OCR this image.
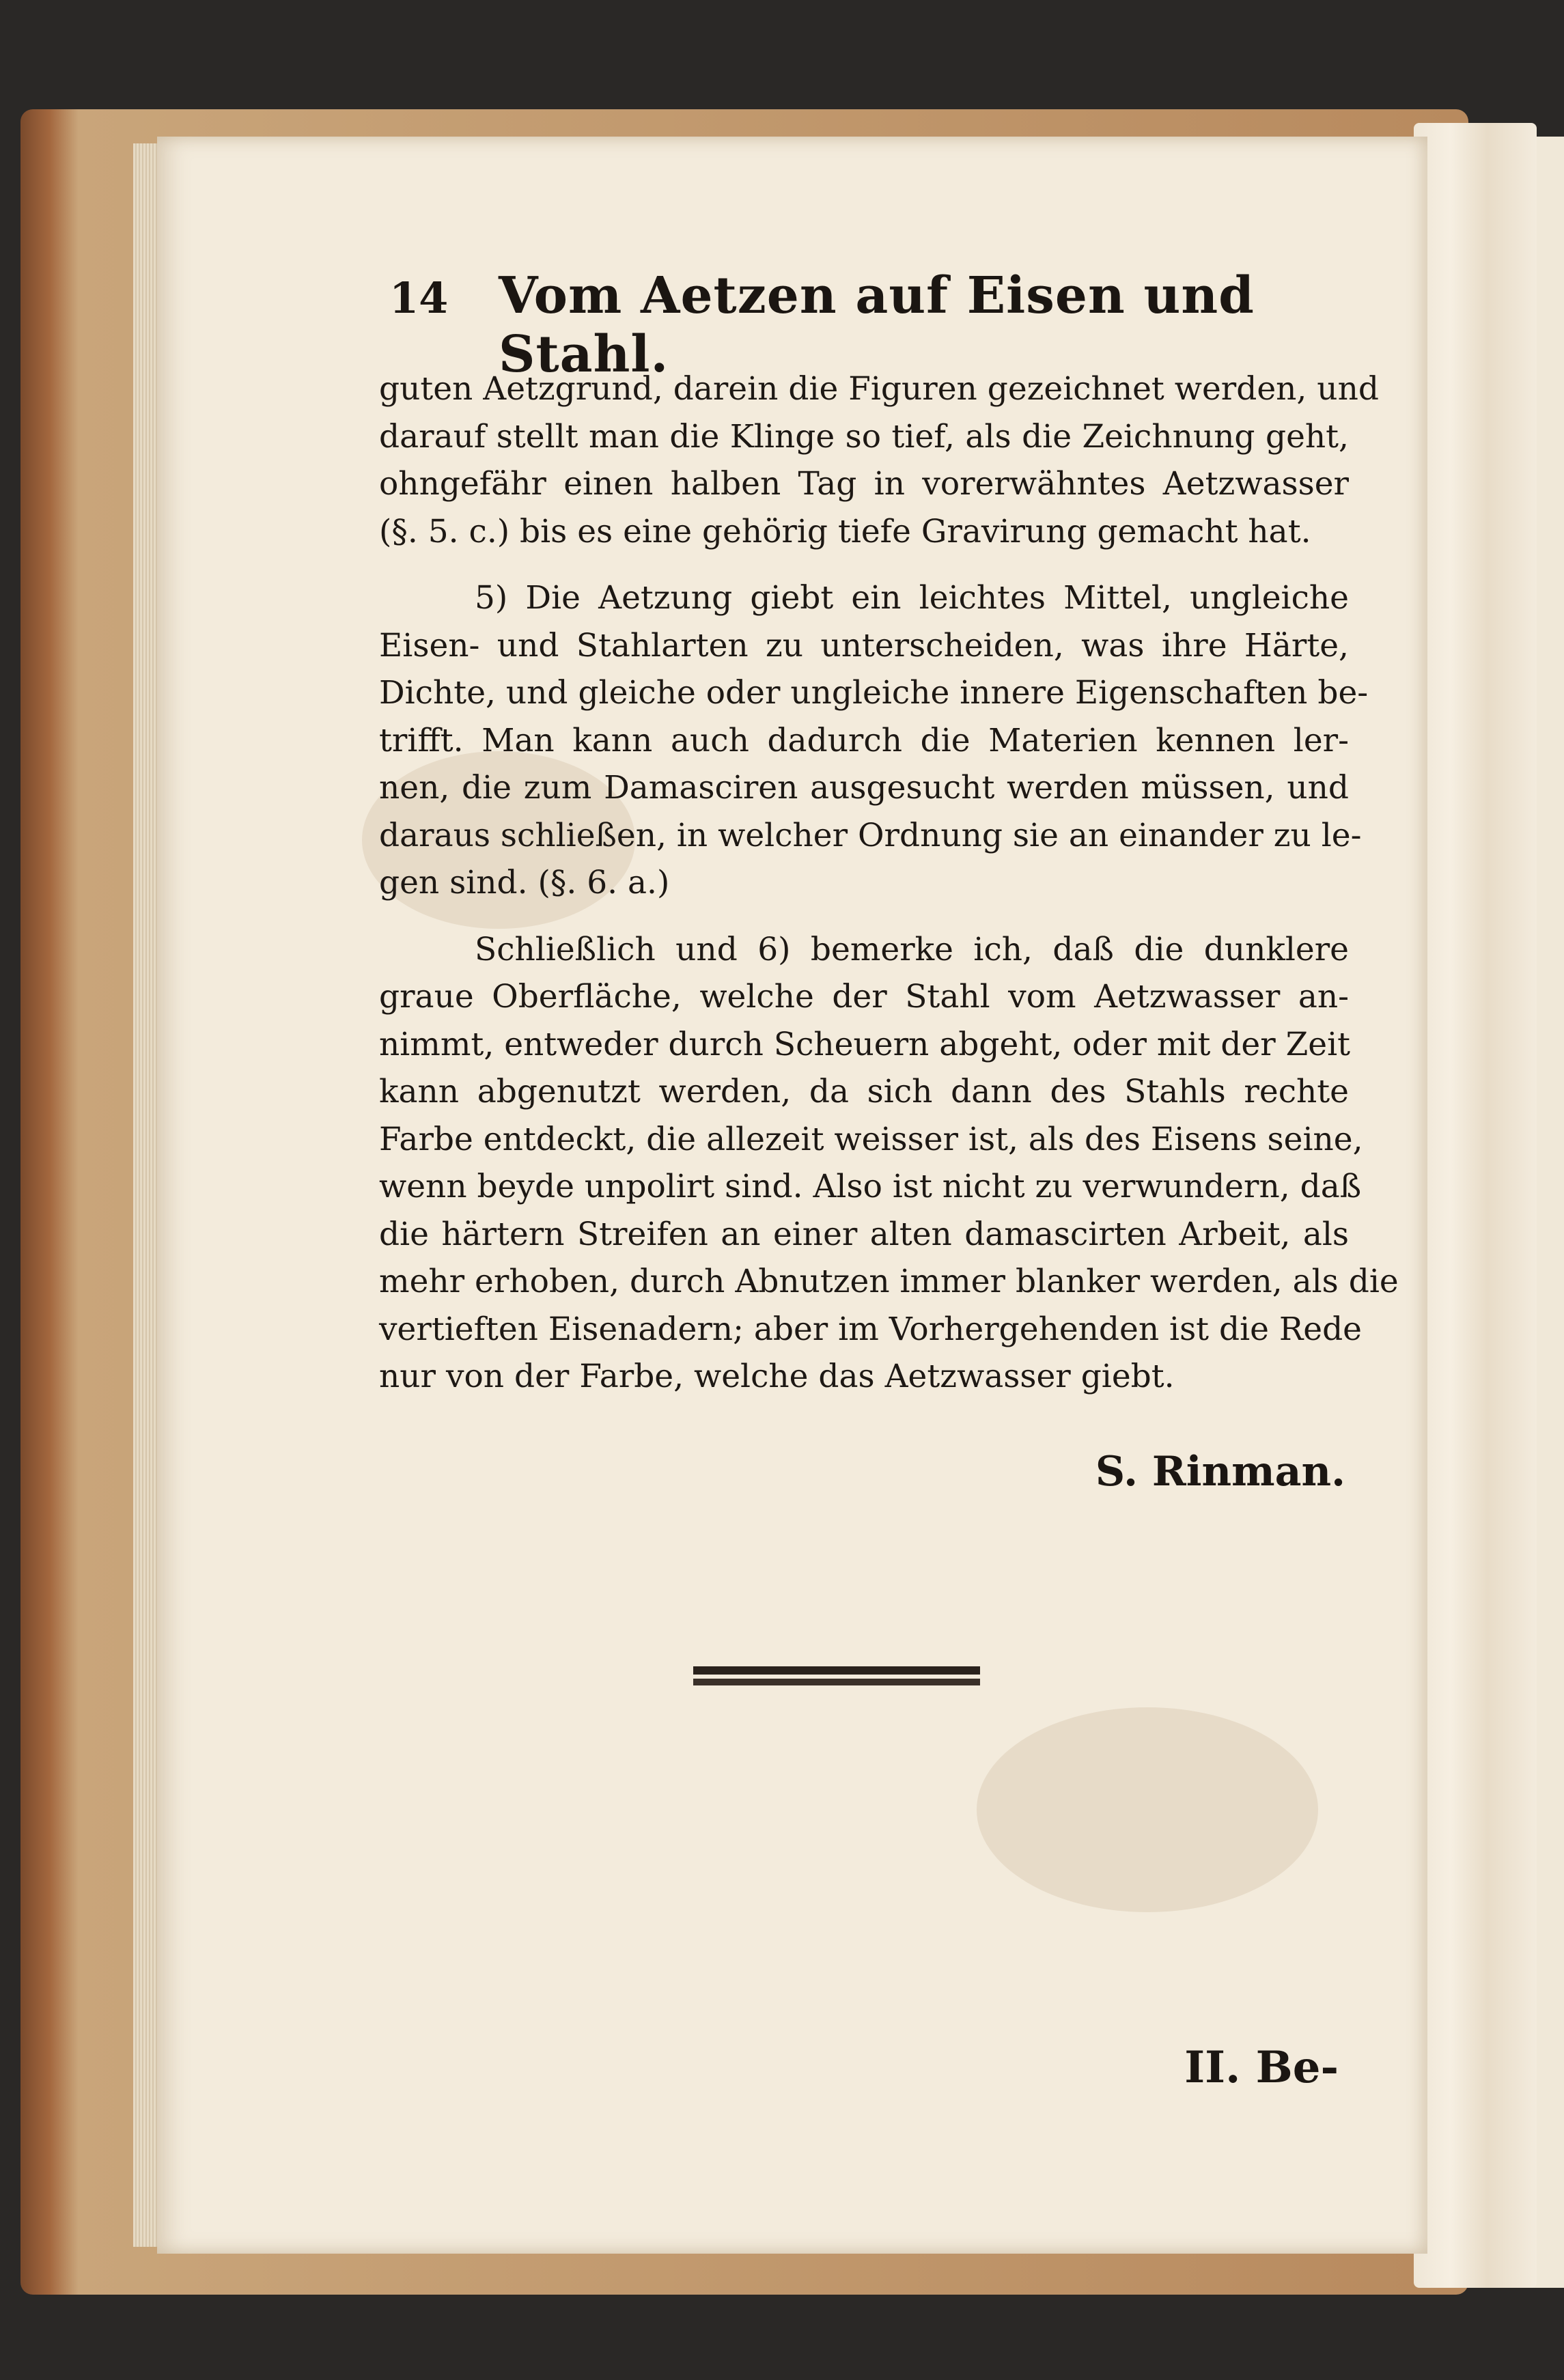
14 Vom Aetzen auf Eisen und Stahl.
guten Aetzgrund, darein die Figuren gezeichnet werden, und
darauf stellt man die Klinge so tief, als die Zeichnung geht,
ohngefähr einen halben Tag in vorerwähntes Aetzwasser
(§. 5. c.) bis es eine gehörig tiefe Gravirung gemacht hat.
5) Die Aetzung giebt ein leichtes Mittel, ungleiche
Eisen- und Stahlarten zu unterscheiden, was ihre Härte,
Dichte, und gleiche oder ungleiche innere Eigenschaften be-
trifft. Man kann auch dadurch die Materien kennen ler-
nen, die zum Damasciren ausgesucht werden müssen, und
daraus schließen, in welcher Ordnung sie an einander zu le-
gen sind. (§. 6. a.)
Schließlich und 6) bemerke ich, daß die dunklere
graue Oberfläche, welche der Stahl vom Aetzwasser an-
nimmt, entweder durch Scheuern abgeht, oder mit der Zeit
kann abgenutzt werden, da sich dann des Stahls rechte
Farbe entdeckt, die allezeit weisser ist, als des Eisens seine,
wenn beyde unpolirt sind. Also ist nicht zu verwundern, daß
die härtern Streifen an einer alten damascirten Arbeit, als
mehr erhoben, durch Abnutzen immer blanker werden, als die
vertieften Eisenadern; aber im Vorhergehenden ist die Rede
nur von der Farbe, welche das Aetzwasser giebt.
S. Rinman.
II. Be-
